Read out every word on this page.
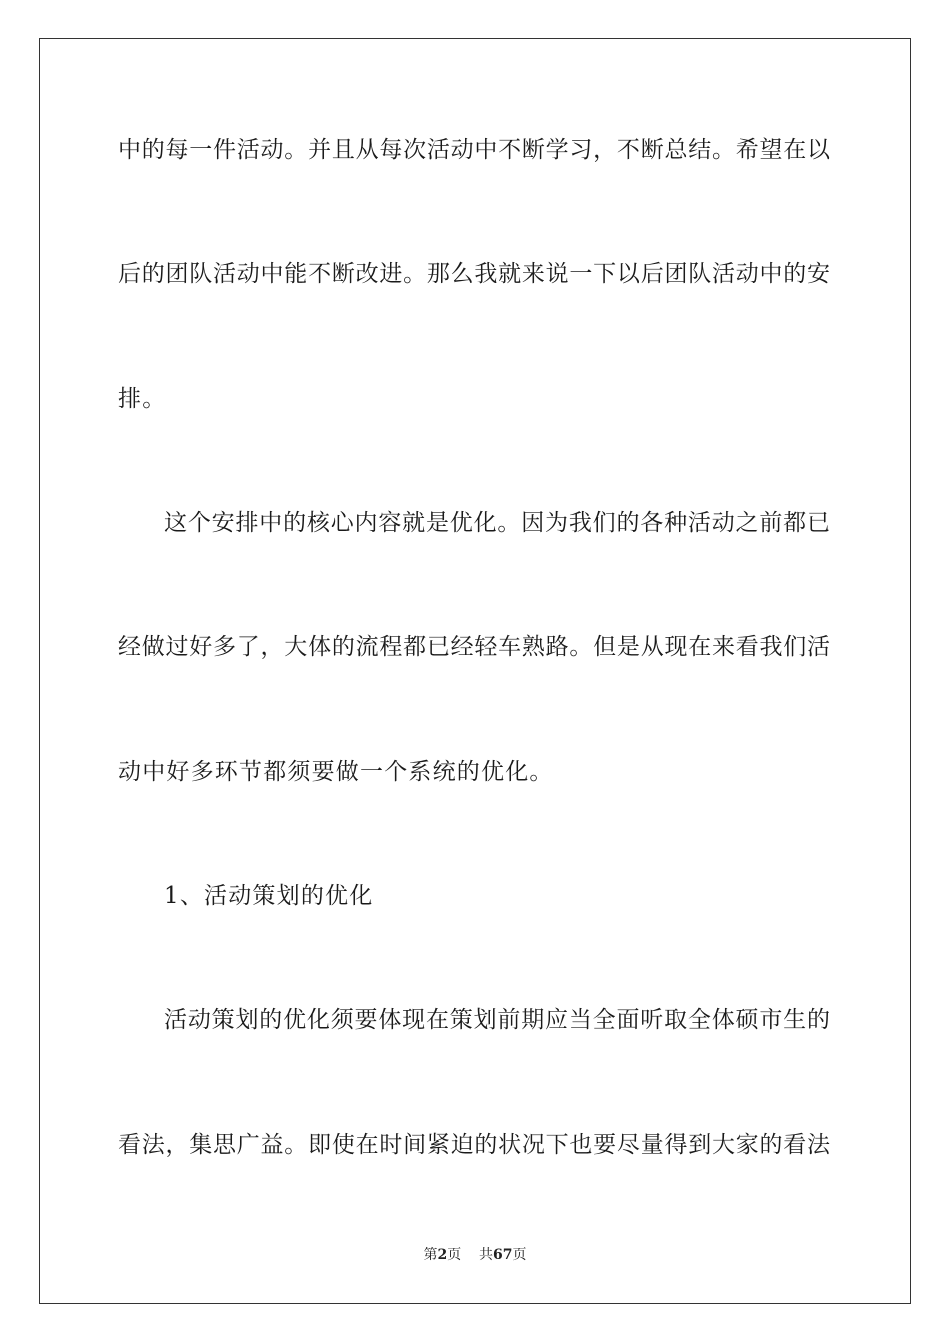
中的每一件活动。并且从每次活动中不断学习，不断总结。希望在以
后的团队活动中能不断改进。那么我就来说一下以后团队活动中的安
排。
这个安排中的核心内容就是优化。因为我们的各种活动之前都已
经做过好多了，大体的流程都已经轻车熟路。但是从现在来看我们活
动中好多环节都须要做一个系统的优化。
1、活动策划的优化
活动策划的优化须要体现在策划前期应当全面听取全体硕市生的
看法，集思广益。即使在时间紧迫的状况下也要尽量得到大家的看法
第2页 共67页
